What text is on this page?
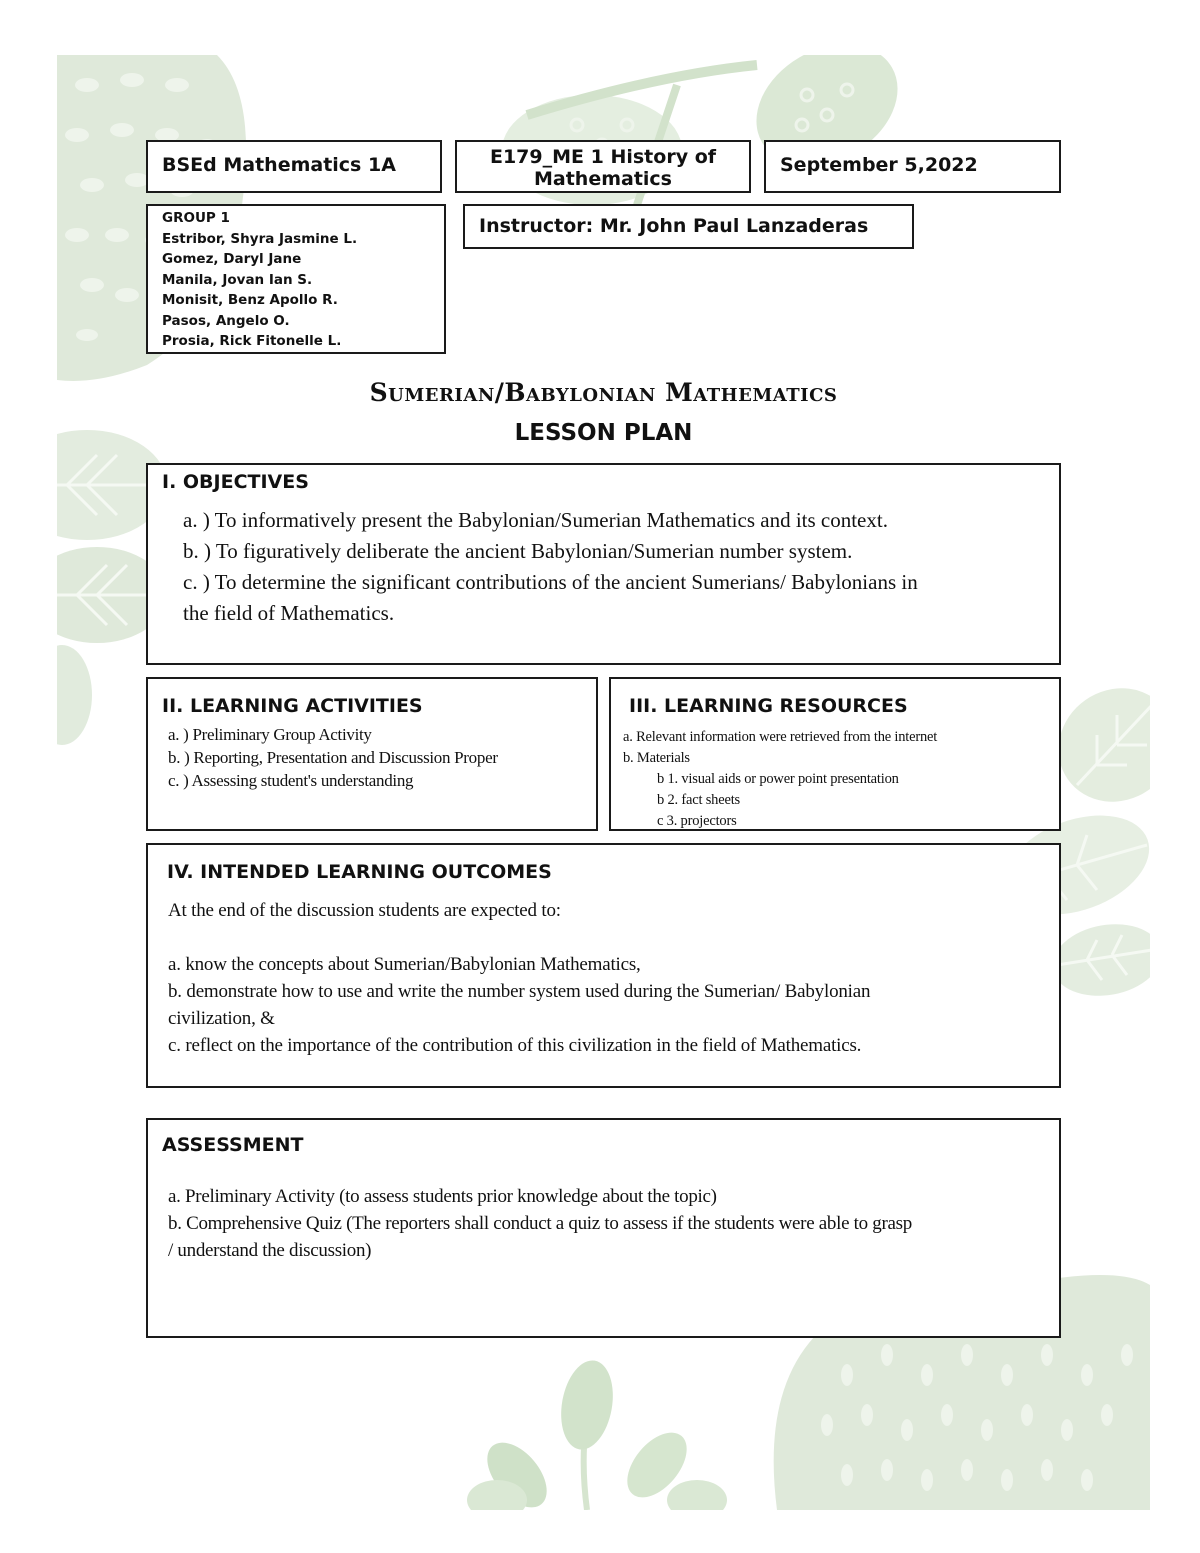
BSEd Mathematics 1A	E179_ME 1 History of
Mathematics
September 5,2022
GROUP 1
Estribor, Shyra Jasmine L.
Gomez, Daryl Jane
Manila, Jovan Ian S.
Monisit, Benz Apollo R.
Pasos, Angelo O.
Prosia, Rick Fitonelle L.
Instructor: Mr. John Paul Lanzaderas
Sumerian/Babylonian Mathematics
LESSON PLAN
I. OBJECTIVES
a. ) To informatively present the Babylonian/Sumerian Mathematics and its context.
b. ) To figuratively deliberate the ancient Babylonian/Sumerian number system.
c. ) To determine the significant contributions of the ancient Sumerians/ Babylonians in
the field of Mathematics.
II. LEARNING ACTIVITIES
a. ) Preliminary Group Activity
b. ) Reporting, Presentation and Discussion Proper
c. ) Assessing student's understanding
III. LEARNING RESOURCES
a. Relevant information were retrieved from the internet
b. Materials
b 1. visual aids or power point presentation
b 2. fact sheets
c 3. projectors
IV. INTENDED LEARNING OUTCOMES
At the end of the discussion students are expected to:
a. know the concepts about Sumerian/Babylonian Mathematics,
b. demonstrate how to use and write the number system used during the Sumerian/ Babylonian
civilization, &
c. reflect on the importance of the contribution of this civilization in the field of Mathematics.
ASSESSMENT
a. Preliminary Activity (to assess students prior knowledge about the topic)
b. Comprehensive Quiz (The reporters shall conduct a quiz to assess if the students were able to grasp
/ understand the discussion)
